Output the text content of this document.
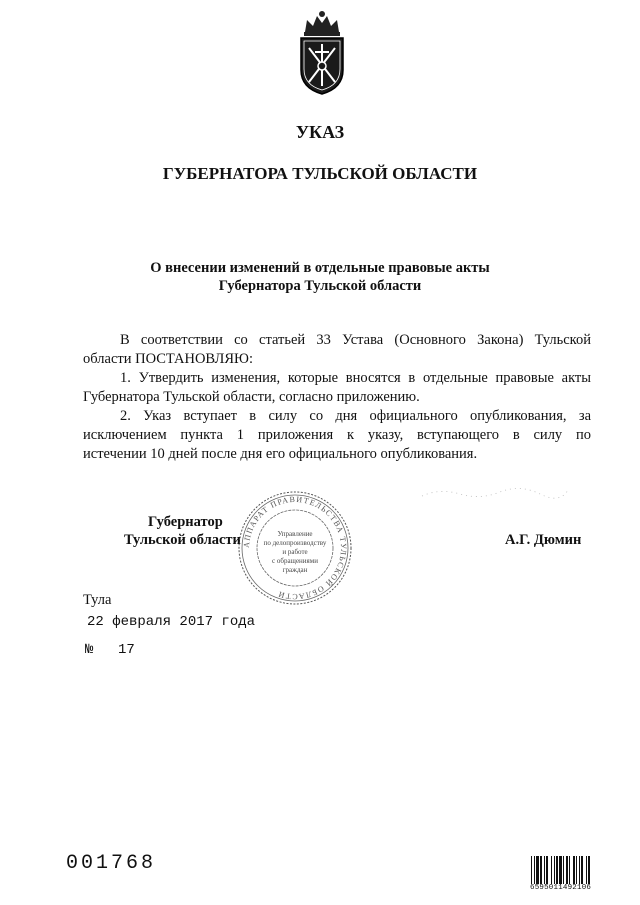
УКАЗ
ГУБЕРНАТОРА ТУЛЬСКОЙ ОБЛАСТИ
О внесении изменений в отдельные правовые акты
Губернатора Тульской области
В соответствии со статьей 33 Устава (Основного Закона) Тульской
области ПОСТАНОВЛЯЮ:
1. Утвердить изменения, которые вносятся в отдельные правовые акты
Губернатора Тульской области, согласно приложению.
2. Указ вступает в силу со дня официального опубликования, за
исключением пункта 1 приложения к указу, вступающего в силу по
истечении 10 дней после дня его официального опубликования.
АППАРАТ ПРАВИТЕЛЬСТВА ТУЛЬСКОЙ ОБЛАСТИ
Управление
по делопроизводству
и работе
с обращениями
граждан
Губернатор
Тульской области	А.Г. Дюмин
Тула
22 февраля 2017 года
№ 17
001768
6595011492106
